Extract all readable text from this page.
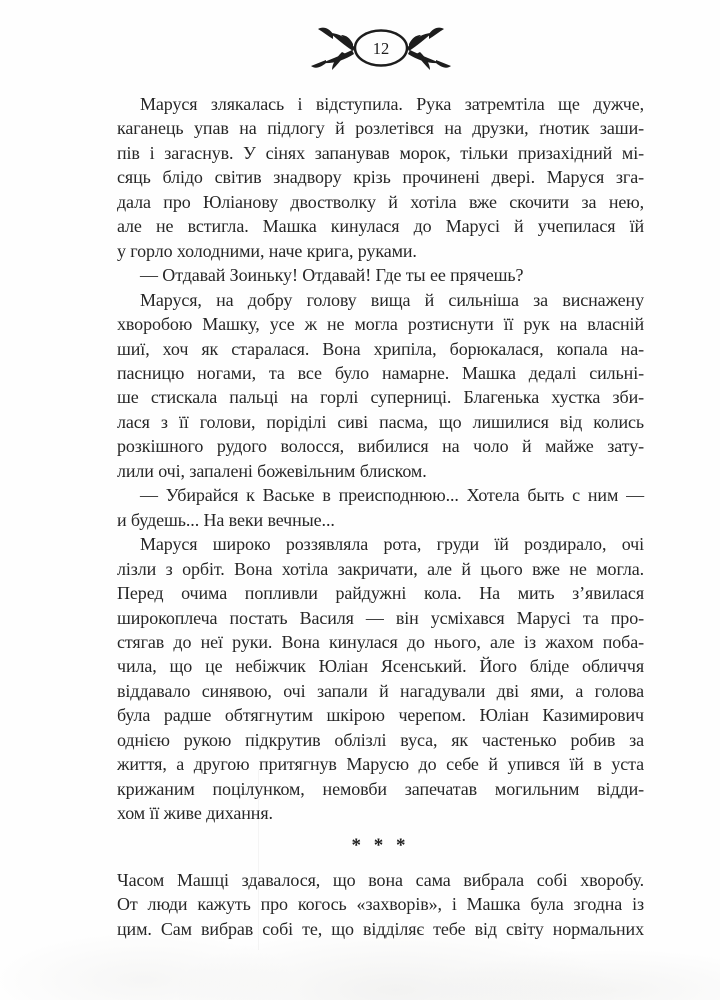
12
Маруся злякалась і відступила. Рука затремтіла ще дужче,
каганець упав на підлогу й розлетівся на друзки, ґнотик заши-
пів і загаснув. У сінях запанував морок, тільки призахідний мі-
сяць блідо світив знадвору крізь прочинені двері. Маруся зга-
дала про Юліанову двостволку й хотіла вже скочити за нею,
але не встигла. Машка кинулася до Марусі й учепилася їй
у горло холодними, наче крига, руками.
— Отдавай Зоиньку! Отдавай! Где ты ее прячешь?
Маруся, на добру голову вища й сильніша за виснажену
хворобою Машку, усе ж не могла розтиснути її рук на власній
шиї, хоч як старалася. Вона хрипіла, борюкалася, копала на-
пасницю ногами, та все було намарне. Машка дедалі сильні-
ше стискала пальці на горлі суперниці. Благенька хустка зби-
лася з її голови, поріділі сиві пасма, що лишилися від колись
розкішного рудого волосся, вибилися на чоло й майже зату-
лили очі, запалені божевільним блиском.
— Убирайся к Ваське в преисподнюю... Хотела быть с ним —
и будешь... На веки вечные...
Маруся широко роззявляла рота, груди їй роздирало, очі
лізли з орбіт. Вона хотіла закричати, але й цього вже не могла.
Перед очима попливли райдужні кола. На мить з’явилася
широкоплеча постать Василя — він усміхався Марусі та про-
стягав до неї руки. Вона кинулася до нього, але із жахом поба-
чила, що це небіжчик Юліан Ясенський. Його бліде обличчя
віддавало синявою, очі запали й нагадували дві ями, а голова
була радше обтягнутим шкірою черепом. Юліан Казимирович
однією рукою підкрутив облізлі вуса, як частенько робив за
життя, а другою притягнув Марусю до себе й упився їй в уста
крижаним поцілунком, немовби запечатав могильним відди-
хом її живе дихання.
* * *
Часом Машці здавалося, що вона сама вибрала собі хворобу.
От люди кажуть про когось «захворів», і Машка була згодна із
цим. Сам вибрав собі те, що відділяє тебе від світу нормальних
